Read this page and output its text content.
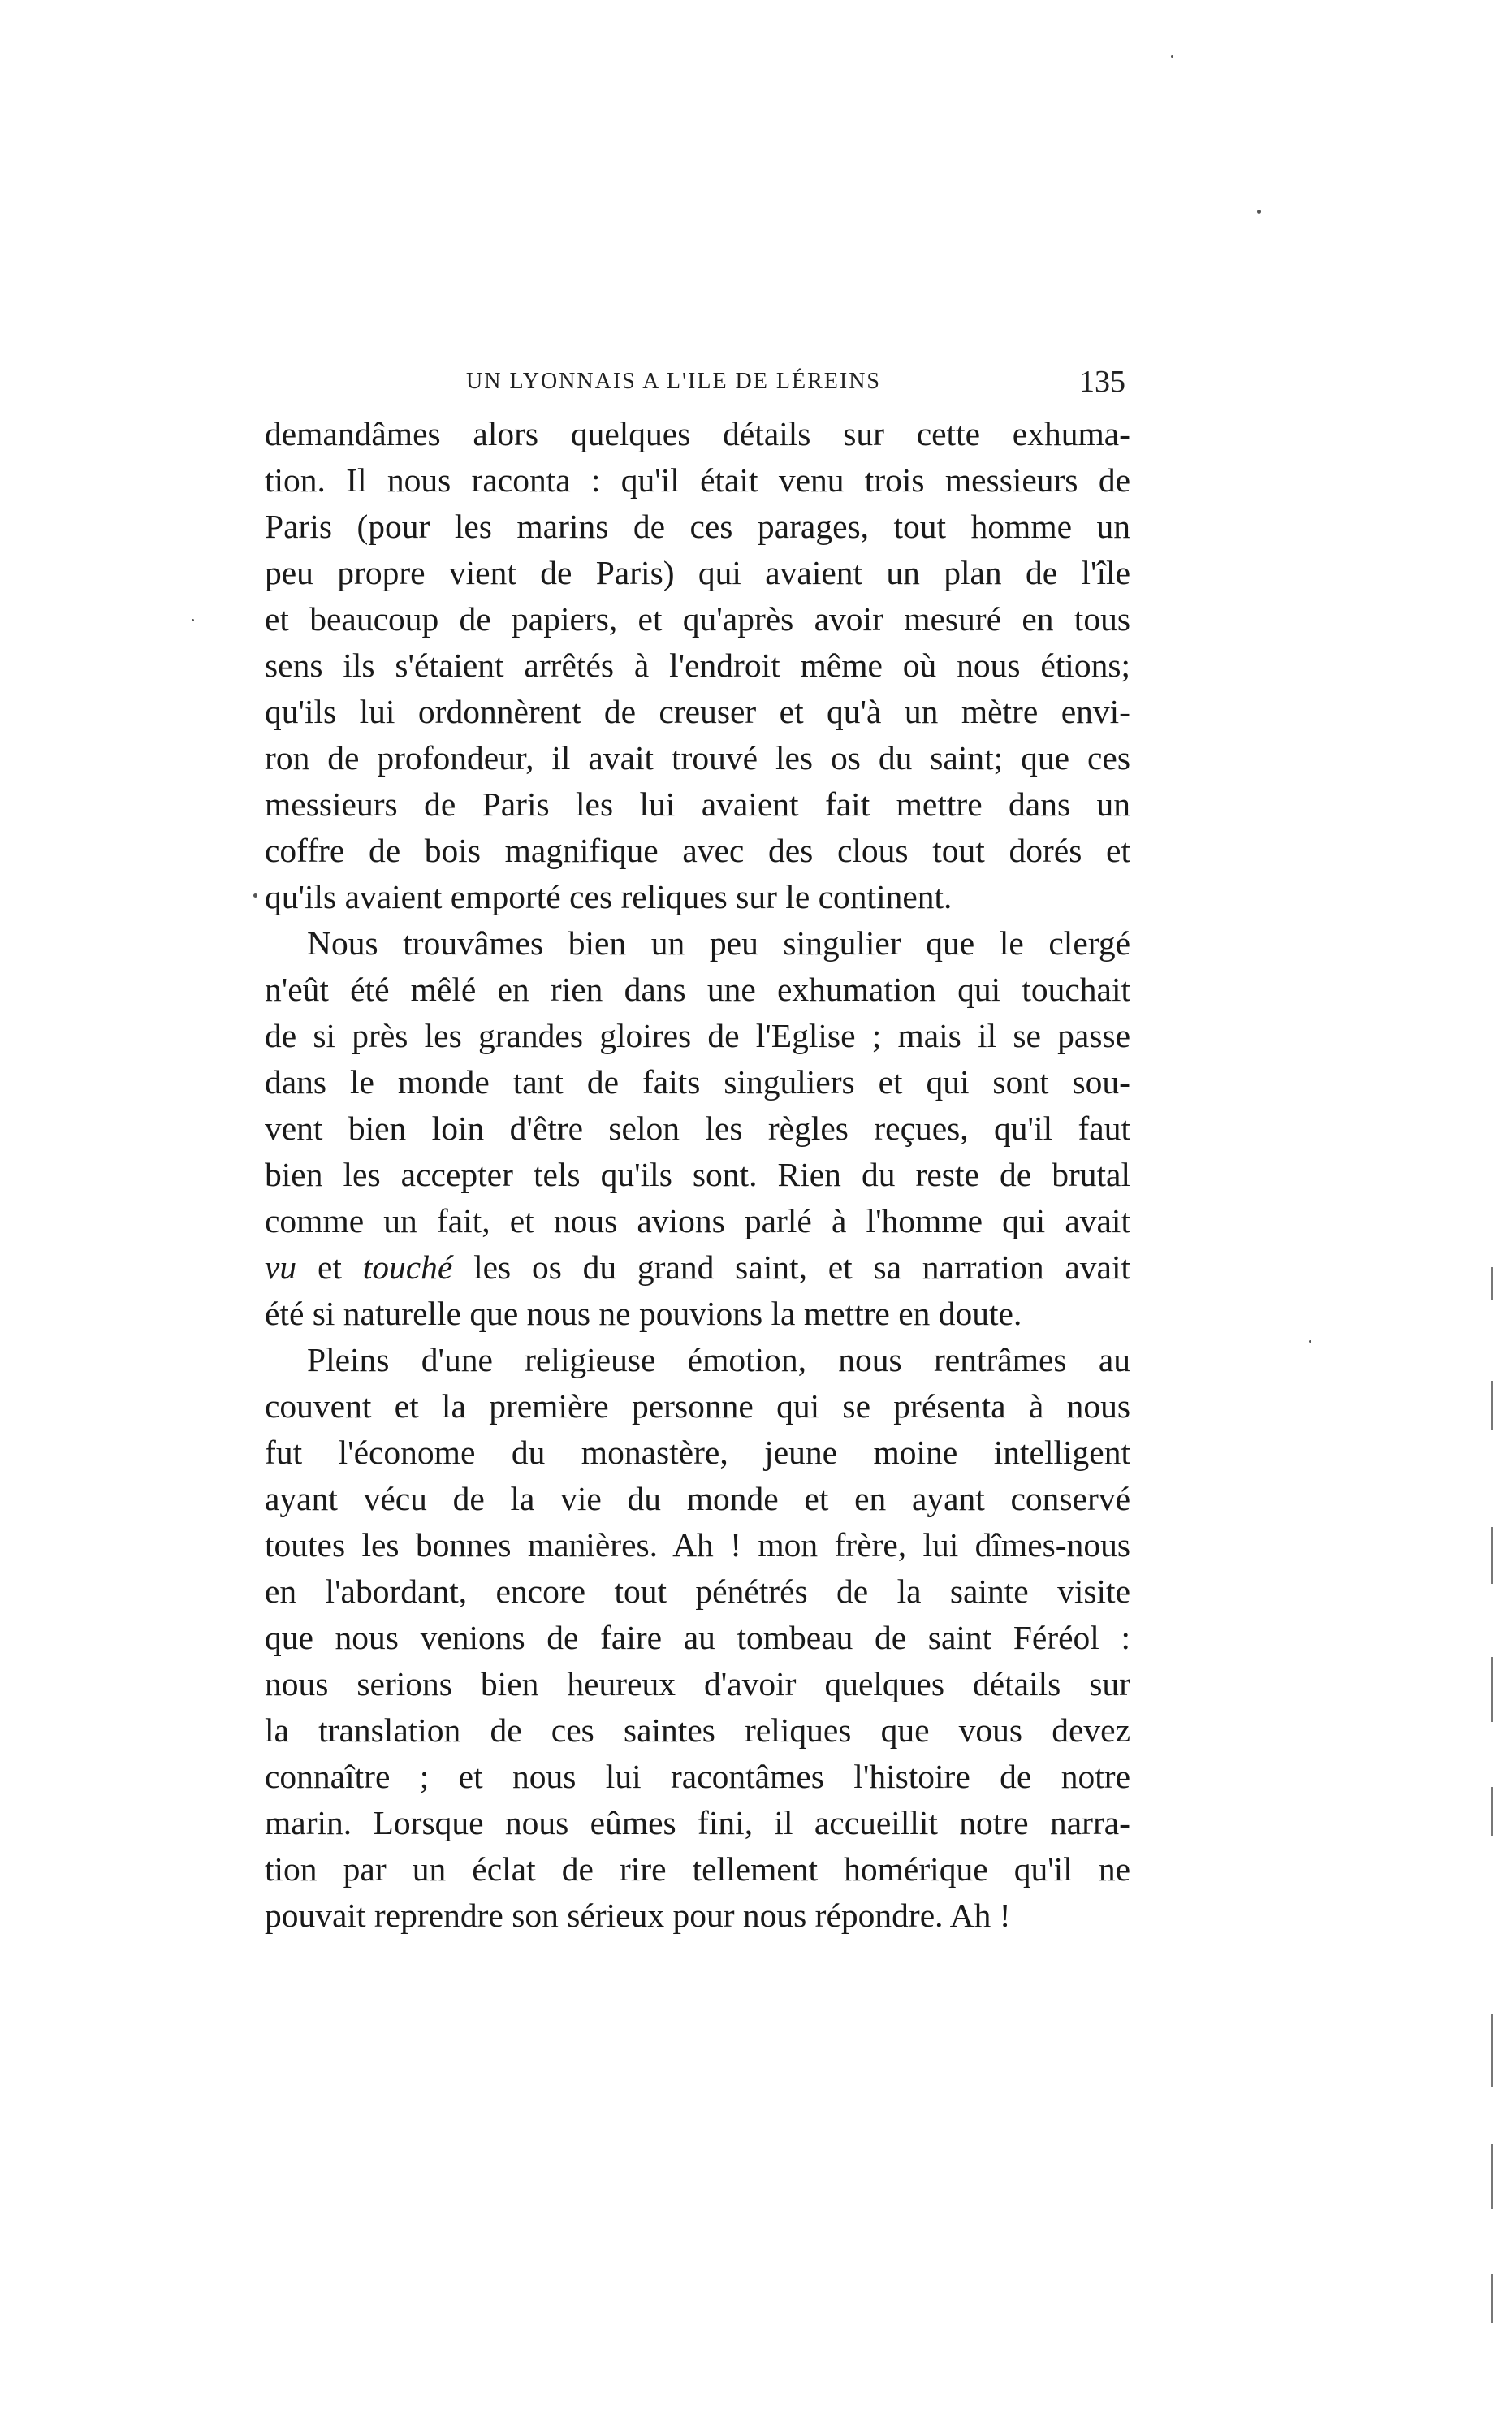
UN LYONNAIS A L'ILE DE LÉREINS	135
demandâmes alors quelques détails sur cette exhuma-
tion. Il nous raconta : qu'il était venu trois messieurs de
Paris (pour les marins de ces parages, tout homme un
peu propre vient de Paris) qui avaient un plan de l'île
et beaucoup de papiers, et qu'après avoir mesuré en tous
sens ils s'étaient arrêtés à l'endroit même où nous étions;
qu'ils lui ordonnèrent de creuser et qu'à un mètre envi-
ron de profondeur, il avait trouvé les os du saint; que ces
messieurs de Paris les lui avaient fait mettre dans un
coffre de bois magnifique avec des clous tout dorés et
qu'ils avaient emporté ces reliques sur le continent.
Nous trouvâmes bien un peu singulier que le clergé
n'eût été mêlé en rien dans une exhumation qui touchait
de si près les grandes gloires de l'Eglise ; mais il se passe
dans le monde tant de faits singuliers et qui sont sou-
vent bien loin d'être selon les règles reçues, qu'il faut
bien les accepter tels qu'ils sont. Rien du reste de brutal
comme un fait, et nous avions parlé à l'homme qui avait
vu et touché les os du grand saint, et sa narration avait
été si naturelle que nous ne pouvions la mettre en doute.
Pleins d'une religieuse émotion, nous rentrâmes au
couvent et la première personne qui se présenta à nous
fut l'économe du monastère, jeune moine intelligent
ayant vécu de la vie du monde et en ayant conservé
toutes les bonnes manières. Ah ! mon frère, lui dîmes-nous
en l'abordant, encore tout pénétrés de la sainte visite
que nous venions de faire au tombeau de saint Féréol :
nous serions bien heureux d'avoir quelques détails sur
la translation de ces saintes reliques que vous devez
connaître ; et nous lui racontâmes l'histoire de notre
marin. Lorsque nous eûmes fini, il accueillit notre narra-
tion par un éclat de rire tellement homérique qu'il ne
pouvait reprendre son sérieux pour nous répondre. Ah !
